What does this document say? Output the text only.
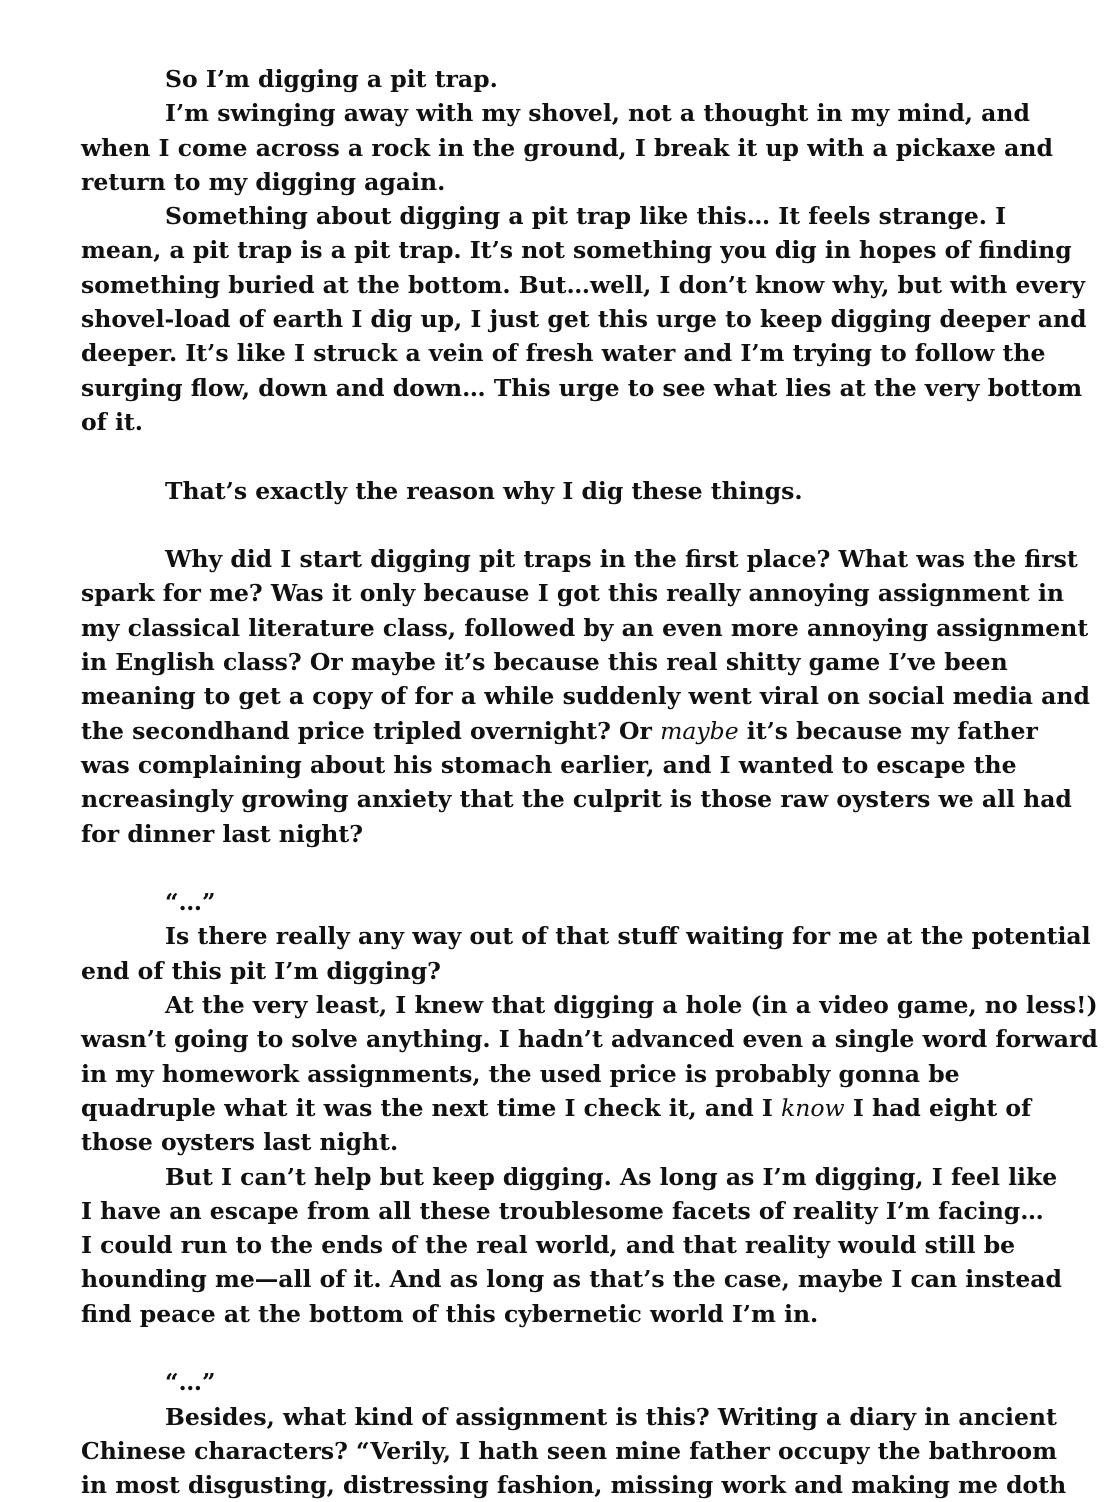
So I’m digging a pit trap.

I’m swinging away with my shovel, not a thought in my mind, and

when I come across a rock in the ground, I break it up with a pickaxe and
return to my digging again.

Something about digging a pit trap like this… It feels strange. I

mean, a pit trap is a pit trap. It’s not something you dig in hopes of finding
something buried at the bottom. But…well, I don’t know why, but with every
shovel-load of earth I dig up, I just get this urge to keep digging deeper and
deeper. It’s like I struck a vein of fresh water and I’m trying to follow the
surging flow, down and down… This urge to see what lies at the very bottom
of it.

That’s exactly the reason why I dig these things.

Why did I start digging pit traps in the first place? What was the first

spark for me? Was it only because I got this really annoying assignment in
my classical literature class, followed by an even more annoying assignment
in English class? Or maybe it’s because this real shitty game I’ve been
meaning to get a copy of for a while suddenly went viral on social media and
the secondhand price tripled overnight? Or maybe it’s because my father
was complaining about his stomach earlier, and I wanted to escape the
ncreasingly growing anxiety that the culprit is those raw oysters we all had
for dinner last night?

“…”

Is there really any way out of that stuff waiting for me at the potential

end of this pit I’m digging?

At the very least, I knew that digging a hole (in a video game, no less!)

wasn’t going to solve anything. I hadn’t advanced even a single word forward
in my homework assignments, the used price is probably gonna be
quadruple what it was the next time I check it, and I know I had eight of
those oysters last night.

But I can’t help but keep digging. As long as I’m digging, I feel like

I have an escape from all these troublesome facets of reality I’m facing…
I could run to the ends of the real world, and that reality would still be
hounding me—all of it. And as long as that’s the case, maybe I can instead
find peace at the bottom of this cybernetic world I’m in.

“…”

Besides, what kind of assignment is this? Writing a diary in ancient

Chinese characters? “Verily, I hath seen mine father occupy the bathroom
in most disgusting, distressing fashion, missing work and making me doth
